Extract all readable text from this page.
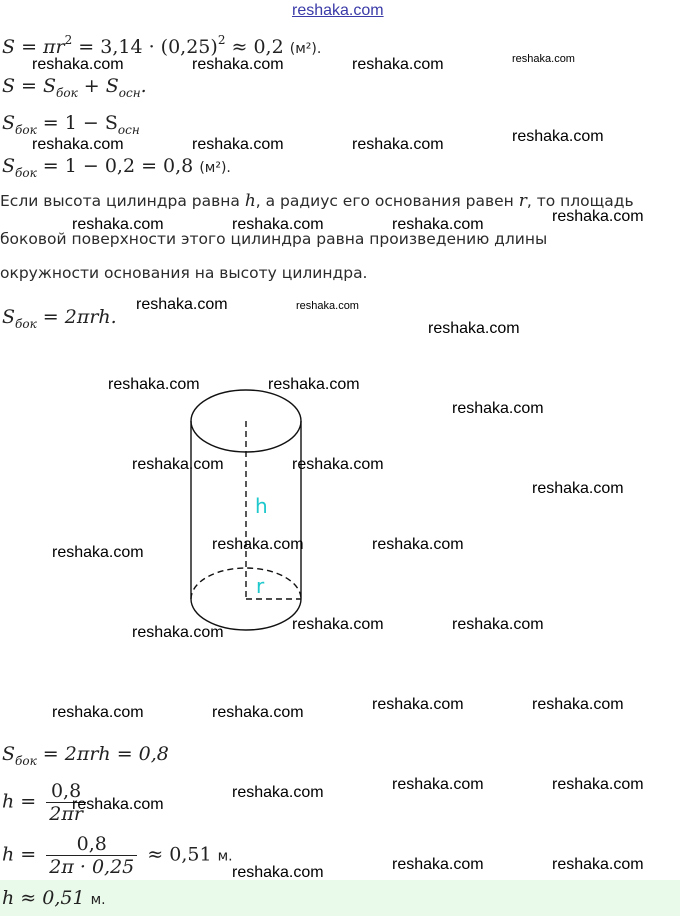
reshaka.com
$S = \pi r^2 = 3,14 \cdot (0,25)^2 \approx 0,2$ (м²).
$S = S_{бок} + S_{осн}$.
$S_{бок} = 1 - S_{осн}$
$S_{бок} = 1 - 0,2 = 0,8$ (м²).
Если высота цилиндра равна h, а радиус его основания равен r, то площадь
боковой поверхности этого цилиндра равна произведению длины
окружности основания на высоту цилиндра.
$S_{бок} = 2\pi rh$.
h
r
$S_{бок} = 2\pi rh = 0,8$
$h = \frac{0,8}{2\pi r}$
$h = \frac{0,8}{2\pi \cdot 0,25} \approx 0,51$ м.
h ≈ 0,51 м.
reshaka.com	reshaka.com	reshaka.com	reshaka.com
reshaka.com	reshaka.com	reshaka.com	reshaka.com
reshaka.com	reshaka.com	reshaka.com	reshaka.com
reshaka.com	reshaka.com
reshaka.com
reshaka.com	reshaka.com
reshaka.com
reshaka.com	reshaka.com
reshaka.com
reshaka.com	reshaka.com	reshaka.com
reshaka.com	reshaka.com	reshaka.com
reshaka.com	reshaka.com	reshaka.com	reshaka.com
reshaka.com
reshaka.com	reshaka.com	reshaka.com
reshaka.com	reshaka.com	reshaka.com
